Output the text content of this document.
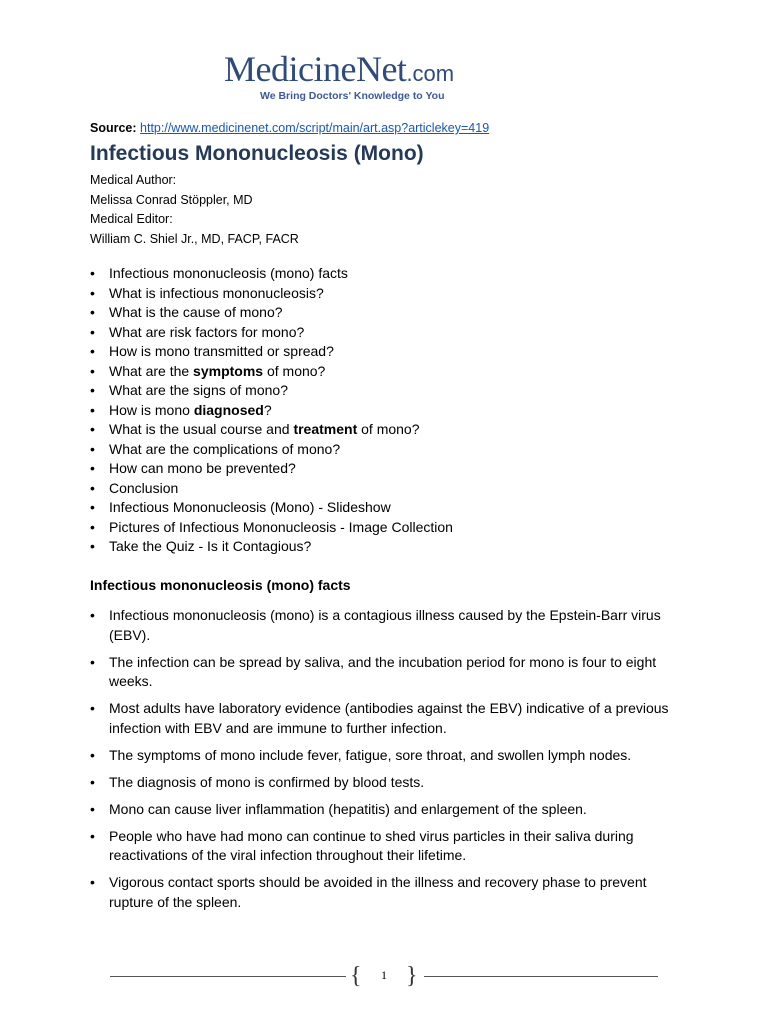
MedicineNet.com
We Bring Doctors' Knowledge to You
Source: http://www.medicinenet.com/script/main/art.asp?articlekey=419
Infectious Mononucleosis (Mono)
Medical Author:
Melissa Conrad Stöppler, MD
Medical Editor:
William C. Shiel Jr., MD, FACP, FACR
• Infectious mononucleosis (mono) facts
• What is infectious mononucleosis?
• What is the cause of mono?
• What are risk factors for mono?
• How is mono transmitted or spread?
• What are the symptoms of mono?
• What are the signs of mono?
• How is mono diagnosed?
• What is the usual course and treatment of mono?
• What are the complications of mono?
• How can mono be prevented?
• Conclusion
• Infectious Mononucleosis (Mono) - Slideshow
• Pictures of Infectious Mononucleosis - Image Collection
• Take the Quiz - Is it Contagious?
Infectious mononucleosis (mono) facts
• Infectious mononucleosis (mono) is a contagious illness caused by the Epstein-Barr virus (EBV).
• The infection can be spread by saliva, and the incubation period for mono is four to eight weeks.
• Most adults have laboratory evidence (antibodies against the EBV) indicative of a previous infection with EBV and are immune to further infection.
• The symptoms of mono include fever, fatigue, sore throat, and swollen lymph nodes.
• The diagnosis of mono is confirmed by blood tests.
• Mono can cause liver inflammation (hepatitis) and enlargement of the spleen.
• People who have had mono can continue to shed virus particles in their saliva during reactivations of the viral infection throughout their lifetime.
• Vigorous contact sports should be avoided in the illness and recovery phase to prevent rupture of the spleen.
{	1 }
